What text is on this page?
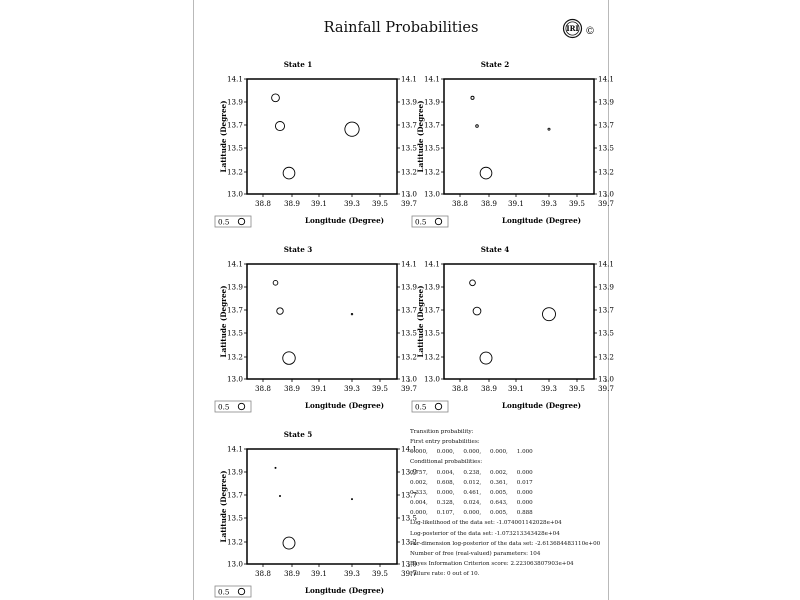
Rainfall Probabilities	IRI ©
State 1
14.1	14.1
13.9	13.9
13.7	13.7
13.5	13.5
13.2	13.2
13.0	13.0
38.8 38.9 39.1 39.3 39.5 39.7
Latitude (Degree)
Longitude (Degree)
0.5
State 2
14.1	14.1
13.9	13.9
13.7	13.7
13.5	13.5
13.2	13.2
13.0	13.0
38.8 38.9 39.1 39.3 39.5 39.7
Latitude (Degree)
Longitude (Degree)
0.5
State 3
14.1	14.1
13.9	13.9
13.7	13.7
13.5	13.5
13.2	13.2
13.0	13.0
38.8 38.9 39.1 39.3 39.5 39.7
Latitude (Degree)
Longitude (Degree)
0.5
State 4
14.1	14.1
13.9	13.9
13.7	13.7
13.5	13.5
13.2	13.2
13.0	13.0
38.8 38.9 39.1 39.3 39.5 39.7
Latitude (Degree)
Longitude (Degree)
0.5
State 5
14.1	14.1
13.9	13.9
13.7	13.7
13.5	13.5
13.2	13.2
13.0	13.0
38.8 38.9 39.1 39.3 39.5 39.7
Latitude (Degree)
Longitude (Degree)
0.5
Transition probability:
First entry probabilities:
0.000,     0.000,     0.000,     0.000,     1.000
Conditional probabilities:
0.757,     0.004,     0.238,     0.002,     0.000
0.002,     0.608,     0.012,     0.361,     0.017
0.333,     0.000,     0.461,     0.005,     0.000
0.004,     0.328,     0.024,     0.643,     0.000
0.000,     0.107,     0.000,     0.005,     0.888
Log-likelihood of the data set: -1.074001142028e+04
Log-posterior of the data set: -1.073213343428e+04
Per-dimension log-posterior of the data set: -2.613684483110e+00
Number of free (real-valued) parameters: 104
Bayes Information Criterion score: 2.223063807903e+04
Failure rate: 0 out of 10.
